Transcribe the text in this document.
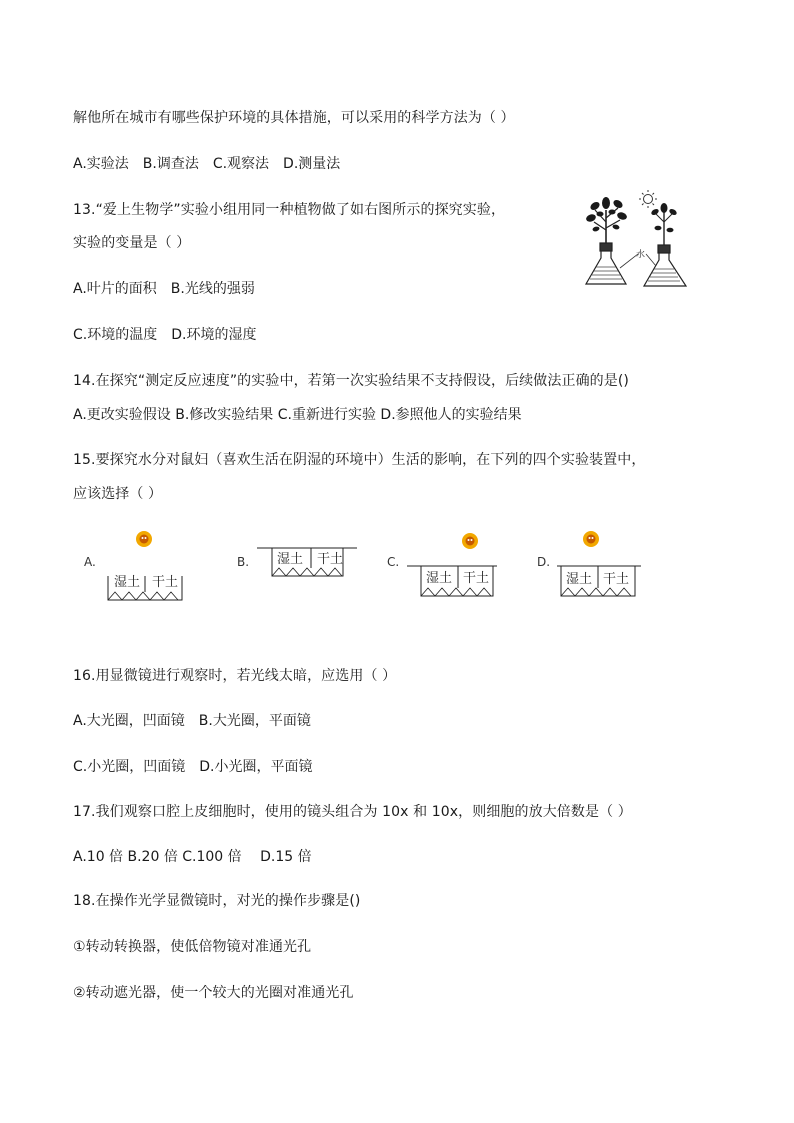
解他所在城市有哪些保护环境的具体措施，可以采用的科学方法为（ ）
A.实验法　B.调查法　C.观察法　D.测量法
13.“爱上生物学”实验小组用同一种植物做了如右图所示的探究实验，
实验的变量是（ ）
A.叶片的面积　B.光线的强弱
C.环境的温度　D.环境的湿度
14.在探究“测定反应速度”的实验中，若第一次实验结果不支持假设，后续做法正确的是()
A.更改实验假设 B.修改实验结果 C.重新进行实验 D.参照他人的实验结果
15.要探究水分对鼠妇（喜欢生活在阴湿的环境中）生活的影响，在下列的四个实验装置中，
应该选择（ ）
16.用显微镜进行观察时，若光线太暗，应选用（ ）
A.大光圈，凹面镜　B.大光圈，平面镜
C.小光圈，凹面镜　D.小光圈，平面镜
17.我们观察口腔上皮细胞时，使用的镜头组合为 10x 和 10x，则细胞的放大倍数是（ ）
A.10 倍 B.20 倍 C.100 倍　 D.15 倍
18.在操作光学显微镜时，对光的操作步骤是()
①转动转换器，使低倍物镜对准通光孔
②转动遮光器，使一个较大的光圈对准通光孔
水
A.
湿土 干土
B. 湿土 干土	C.
湿土 干土
D.
湿土 干土
